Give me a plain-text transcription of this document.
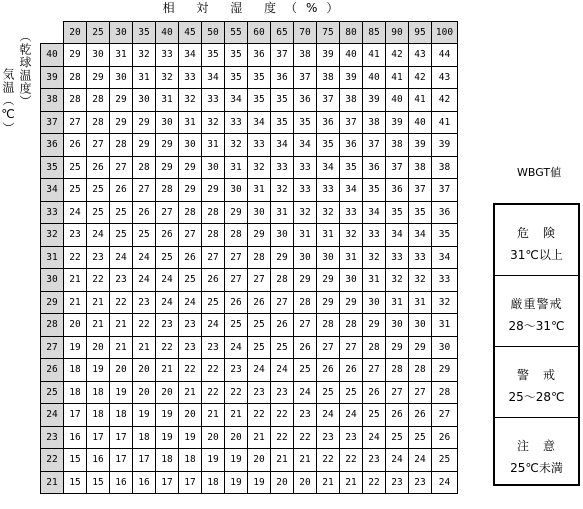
相 対 湿 度（%）
気温（℃） （乾球温度）
		20	25	30	35	40	45	50	55	60	65	70	75	80	85	90	95	100
40	29	30	31	32	33	34	35	35	36	37	38	39	40	41	42	43	44
39	28	29	30	31	32	33	34	35	35	36	37	38	39	40	41	42	43
38	28	28	29	30	31	32	33	34	35	35	36	37	38	39	40	41	42
37	27	28	29	29	30	31	32	33	34	35	35	36	37	38	39	40	41
36	26	27	28	29	29	30	31	32	33	34	34	35	36	37	38	39	39
35	25	26	27	28	29	29	30	31	32	33	33	34	35	36	37	38	38
34	25	25	26	27	28	29	29	30	31	32	33	33	34	35	36	37	37
33	24	25	25	26	27	28	28	29	30	31	32	32	33	34	35	35	36
32	23	24	25	25	26	27	28	28	29	30	31	31	32	33	34	34	35
31	22	23	24	24	25	26	27	27	28	29	30	30	31	32	33	33	34
30	21	22	23	24	24	25	26	27	27	28	29	29	30	31	32	32	33
29	21	21	22	23	24	24	25	26	26	27	28	29	29	30	31	31	32
28	20	21	21	22	23	23	24	25	25	26	27	28	28	29	30	30	31
27	19	20	21	21	22	23	23	24	25	25	26	27	27	28	29	29	30
26	18	19	20	20	21	22	22	23	24	24	25	26	26	27	28	28	29
25	18	18	19	20	20	21	22	22	23	23	24	25	25	26	27	27	28
24	17	18	18	19	19	20	21	21	22	22	23	24	24	25	26	26	27
23	16	17	17	18	19	19	20	20	21	22	22	23	23	24	25	25	26
22	15	16	17	17	18	18	19	19	20	21	21	22	22	23	24	24	25
21	15	15	16	16	17	17	18	19	19	20	20	21	21	22	23	23	24
WBGT値
危　険
31℃以上
厳重警戒
28～31℃
警　戒
25～28℃
注　意
25℃未満
